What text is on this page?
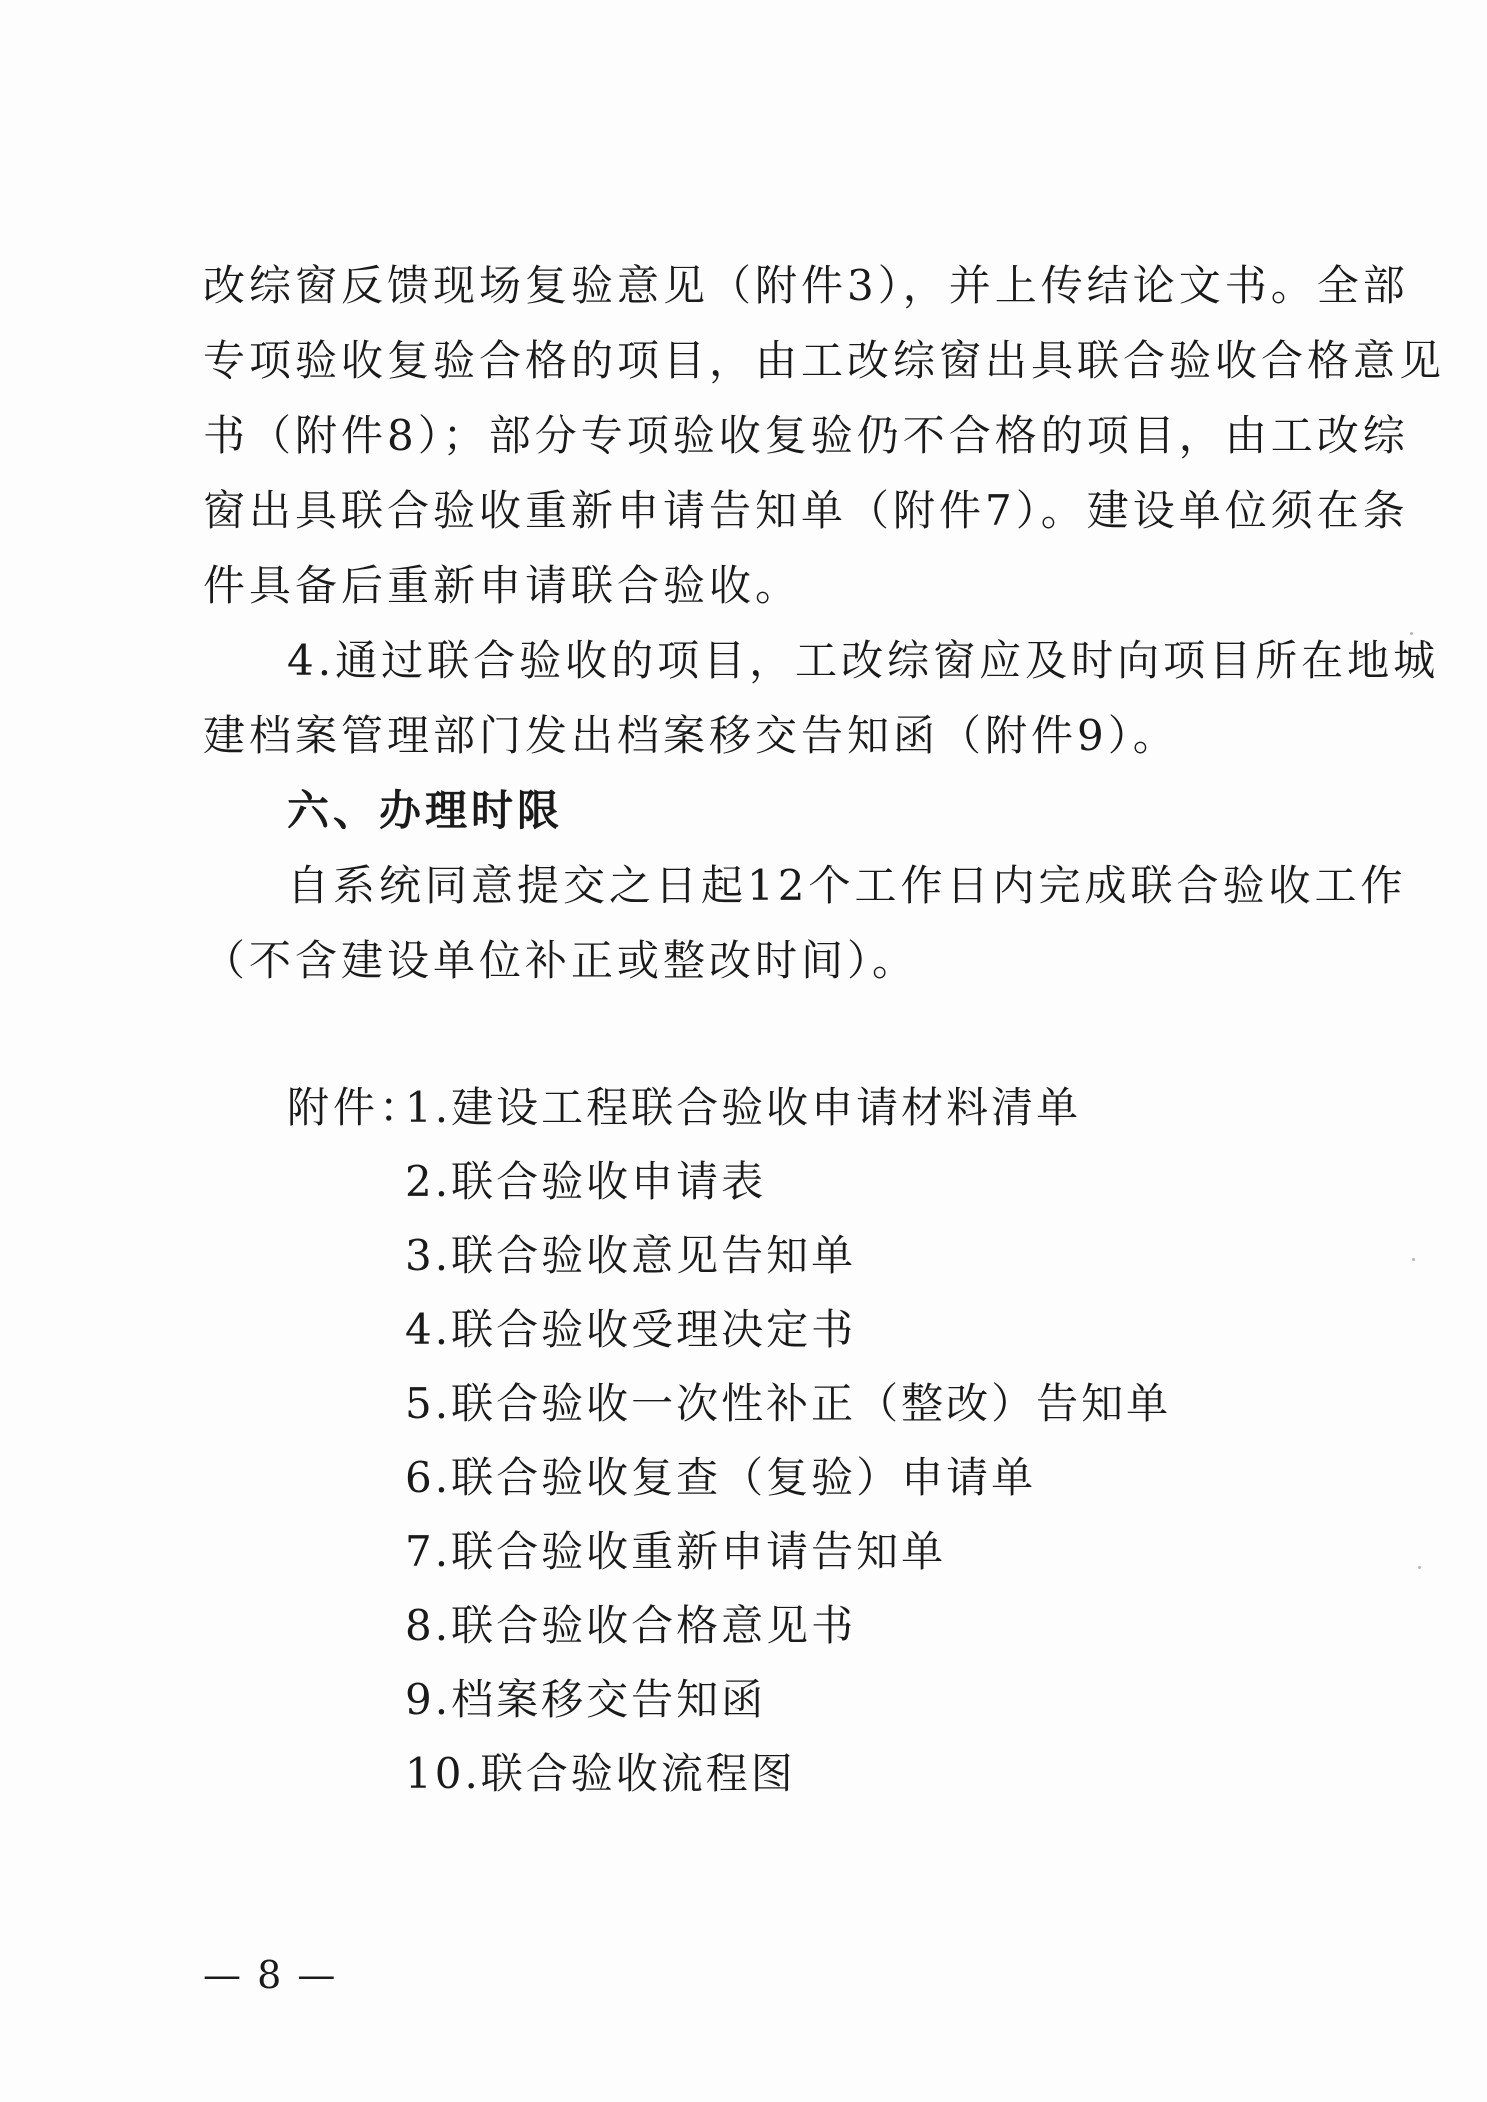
改综窗反馈现场复验意见（附件3），并上传结论文书。全部
专项验收复验合格的项目，由工改综窗出具联合验收合格意见
书（附件8）；部分专项验收复验仍不合格的项目，由工改综
窗出具联合验收重新申请告知单（附件7）。建设单位须在条
件具备后重新申请联合验收。
4.通过联合验收的项目，工改综窗应及时向项目所在地城
建档案管理部门发出档案移交告知函（附件9）。
六、办理时限
自系统同意提交之日起12个工作日内完成联合验收工作
（不含建设单位补正或整改时间）。
附件：
1.建设工程联合验收申请材料清单
2.联合验收申请表
3.联合验收意见告知单
4.联合验收受理决定书
5.联合验收一次性补正（整改）告知单
6.联合验收复查（复验）申请单
7.联合验收重新申请告知单
8.联合验收合格意见书
9.档案移交告知函
10.联合验收流程图
— 8 —
